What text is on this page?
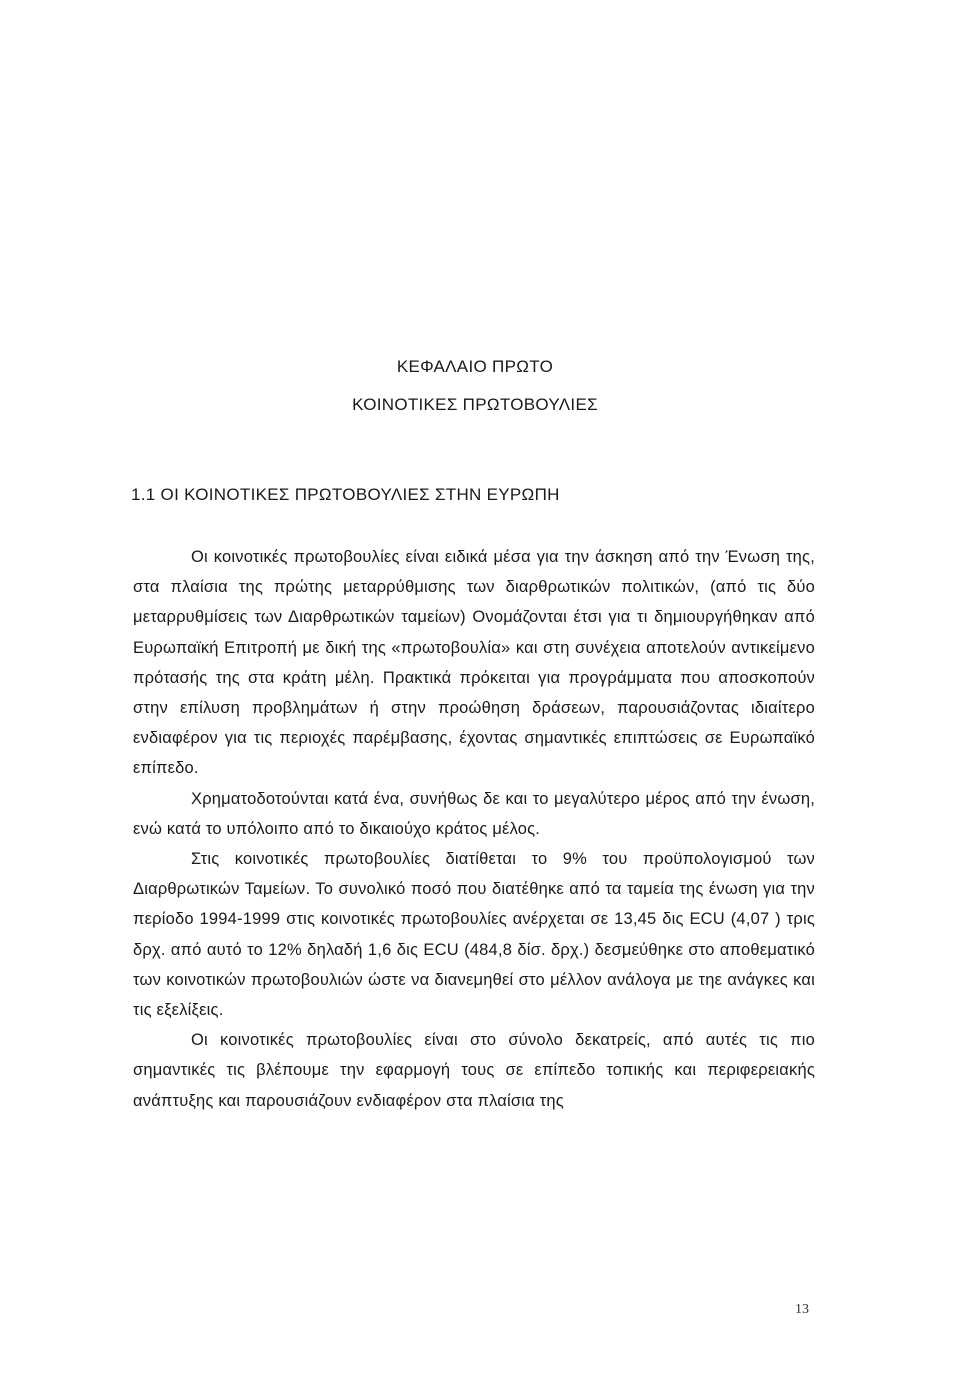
ΚΕΦΑΛΑΙΟ ΠΡΩΤΟ
ΚΟΙΝΟΤΙΚΕΣ ΠΡΩΤΟΒΟΥΛΙΕΣ
1.1 ΟΙ ΚΟΙΝΟΤΙΚΕΣ ΠΡΩΤΟΒΟΥΛΙΕΣ ΣΤΗΝ ΕΥΡΩΠΗ

Οι κοινοτικές πρωτοβουλίες είναι ειδικά μέσα για την άσκηση από την Ένωση της, στα πλαίσια της πρώτης μεταρρύθμισης των διαρθρωτικών πολιτικών, (από τις δύο μεταρρυθμίσεις των Διαρθρωτικών ταμείων) Ονομάζονται έτσι για τι δημιουργήθηκαν από Ευρωπαϊκή Επιτροπή με δική της «πρωτοβουλία» και στη συνέχεια αποτελούν αντικείμενο πρότασής της στα κράτη μέλη. Πρακτικά πρόκειται για προγράμματα που αποσκοπούν στην επίλυση προβλημάτων ή στην προώθηση δράσεων, παρουσιάζοντας ιδιαίτερο ενδιαφέρον για τις περιοχές παρέμβασης, έχοντας σημαντικές επιπτώσεις σε Ευρωπαϊκό επίπεδο.

Χρηματοδοτούνται κατά ένα, συνήθως δε και το μεγαλύτερο μέρος από την ένωση, ενώ κατά το υπόλοιπο από το δικαιούχο κράτος μέλος.

Στις κοινοτικές πρωτοβουλίες διατίθεται το 9% του προϋπολογισμού των Διαρθρωτικών Ταμείων. Το συνολικό ποσό που διατέθηκε από τα ταμεία της ένωση για την περίοδο 1994-1999 στις κοινοτικές πρωτοβουλίες ανέρχεται σε 13,45 δις ECU (4,07 ) τρις δρχ. από αυτό το 12% δηλαδή 1,6 δις ECU (484,8 δίσ. δρχ.) δεσμεύθηκε στο αποθεματικό των κοινοτικών πρωτοβουλιών ώστε να διανεμηθεί στο μέλλον ανάλογα με τηε ανάγκες και τις εξελίξεις.

Οι κοινοτικές πρωτοβουλίες είναι στο σύνολο δεκατρείς, από αυτές τις πιο σημαντικές τις βλέπουμε την εφαρμογή τους σε επίπεδο τοπικής και περιφερειακής ανάπτυξης και παρουσιάζουν ενδιαφέρον στα πλαίσια της

13
